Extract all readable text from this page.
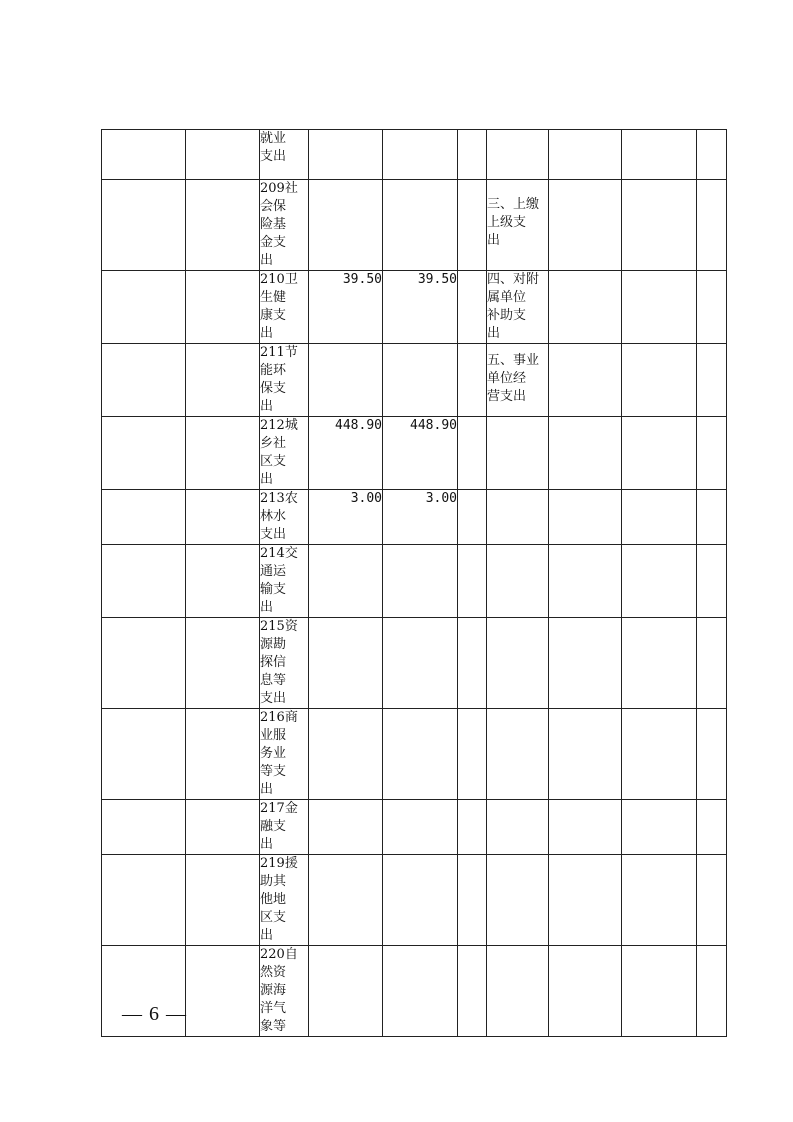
		就业
支出							
		209社
会保
险基
金支
出				三、上缴
上级支
出			
		210卫
生健
康支
出	39.50	39.50		四、对附
属单位
补助支
出			
		211节
能环
保支
出				五、事业
单位经
营支出			
		212城
乡社
区支
出	448.90	448.90					
		213农
林水
支出	3.00	3.00					
		214交
通运
输支
出							
		215资
源勘
探信
息等
支出							
		216商
业服
务业
等支
出							
		217金
融支
出							
		219援
助其
他地
区支
出							
		220自
然资
源海
洋气
象等							
— 6 —
